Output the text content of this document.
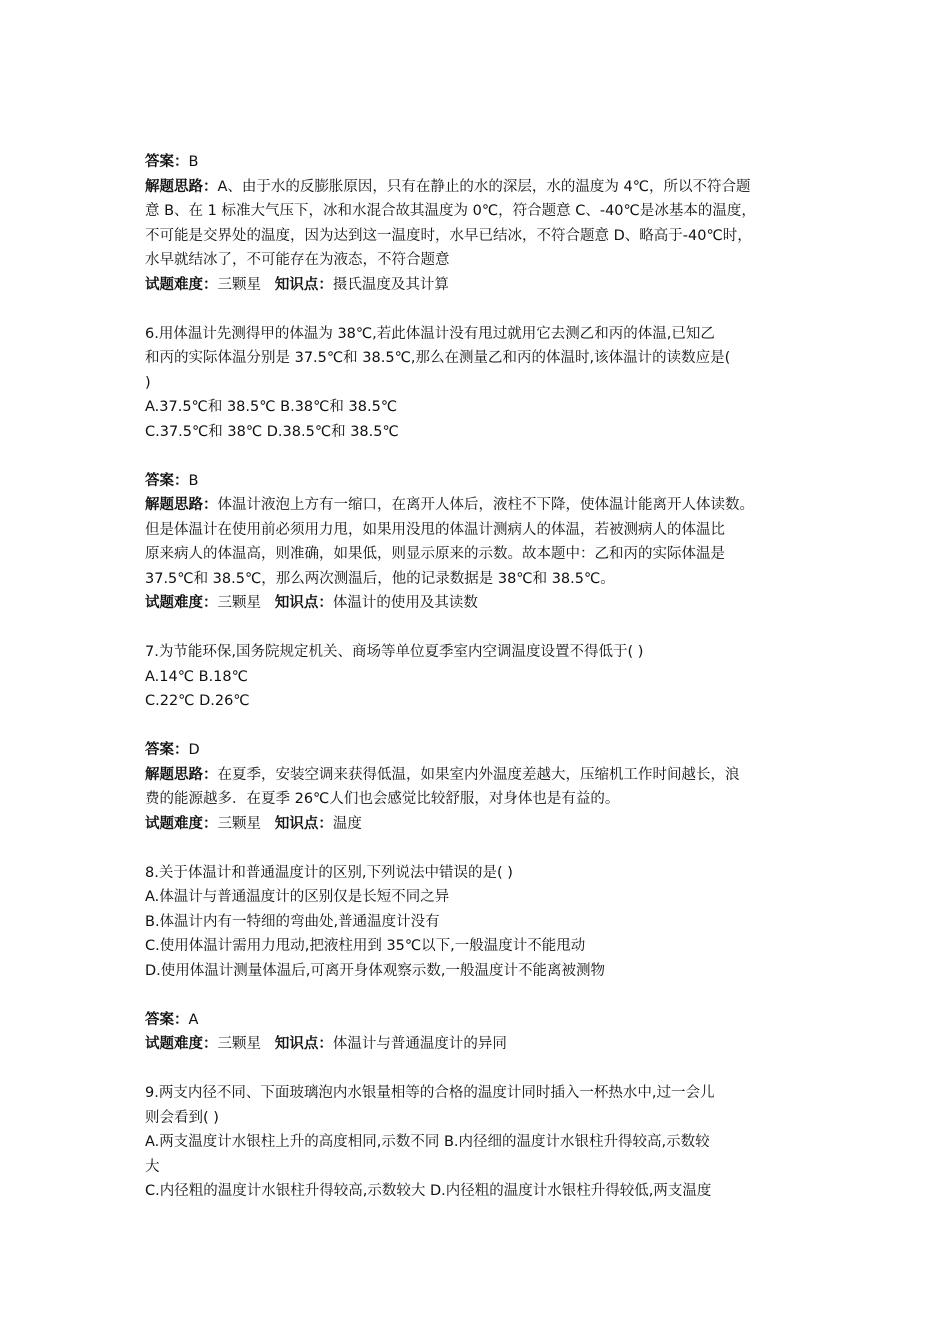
答案：B
解题思路：A、由于水的反膨胀原因，只有在静止的水的深层，水的温度为 4℃，所以不符合题
意 B、在 1 标准大气压下，冰和水混合故其温度为 0℃，符合题意 C、-40℃是冰基本的温度，
不可能是交界处的温度，因为达到这一温度时，水早已结冰，不符合题意 D、略高于-40℃时，
水早就结冰了，不可能存在为液态，不符合题意
试题难度：三颗星 知识点：摄氏温度及其计算
6.用体温计先测得甲的体温为 38℃,若此体温计没有甩过就用它去测乙和丙的体温,已知乙
和丙的实际体温分别是 37.5℃和 38.5℃,那么在测量乙和丙的体温时,该体温计的读数应是(
)
A.37.5℃和 38.5℃ B.38℃和 38.5℃
C.37.5℃和 38℃ D.38.5℃和 38.5℃
答案：B
解题思路：体温计液泡上方有一缩口，在离开人体后，液柱不下降，使体温计能离开人体读数。
但是体温计在使用前必须用力甩，如果用没甩的体温计测病人的体温，若被测病人的体温比
原来病人的体温高，则准确，如果低，则显示原来的示数。故本题中：乙和丙的实际体温是
37.5℃和 38.5℃，那么两次测温后，他的记录数据是 38℃和 38.5℃。
试题难度：三颗星 知识点：体温计的使用及其读数
7.为节能环保,国务院规定机关、商场等单位夏季室内空调温度设置不得低于( )
A.14℃ B.18℃
C.22℃ D.26℃
答案：D
解题思路：在夏季，安装空调来获得低温，如果室内外温度差越大，压缩机工作时间越长，浪
费的能源越多．在夏季 26℃人们也会感觉比较舒服，对身体也是有益的。
试题难度：三颗星 知识点：温度
8.关于体温计和普通温度计的区别,下列说法中错误的是( )
A.体温计与普通温度计的区别仅是长短不同之异
B.体温计内有一特细的弯曲处,普通温度计没有
C.使用体温计需用力甩动,把液柱用到 35℃以下,一般温度计不能甩动
D.使用体温计测量体温后,可离开身体观察示数,一般温度计不能离被测物
答案：A
试题难度：三颗星 知识点：体温计与普通温度计的异同
9.两支内径不同、下面玻璃泡内水银量相等的合格的温度计同时插入一杯热水中,过一会儿
则会看到( )
A.两支温度计水银柱上升的高度相同,示数不同 B.内径细的温度计水银柱升得较高,示数较
大
C.内径粗的温度计水银柱升得较高,示数较大 D.内径粗的温度计水银柱升得较低,两支温度
